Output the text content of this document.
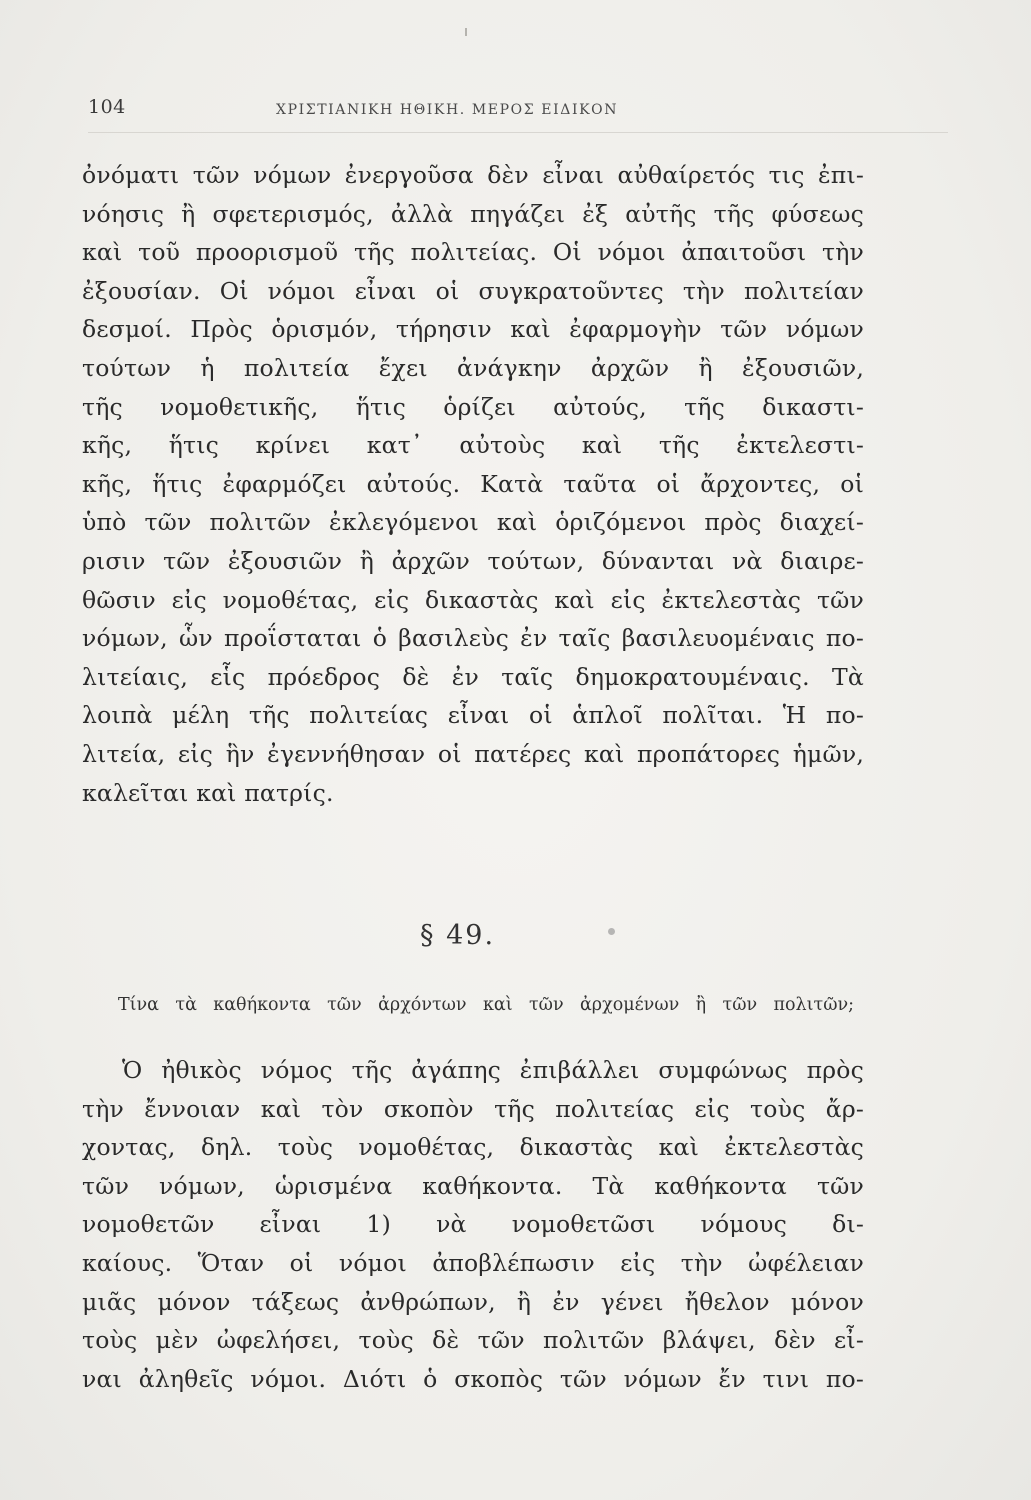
104	ΧΡΙΣΤΙΑΝΙΚΗ ΗΘΙΚΗ. ΜΕΡΟΣ ΕΙΔΙΚΟΝ
ὀνόματι τῶν νόμων ἐνεργοῦσα δὲν εἶναι αὐθαίρετός τις ἐπι-
νόησις ἢ σφετερισμός, ἀλλὰ πηγάζει ἐξ αὐτῆς τῆς φύσεως
καὶ τοῦ προορισμοῦ τῆς πολιτείας. Οἱ νόμοι ἀπαιτοῦσι τὴν
ἐξουσίαν. Οἱ νόμοι εἶναι οἱ συγκρατοῦντες τὴν πολιτείαν
δεσμοί. Πρὸς ὁρισμόν, τήρησιν καὶ ἐφαρμογὴν τῶν νόμων
τούτων ἡ πολιτεία ἔχει ἀνάγκην ἀρχῶν ἢ ἐξουσιῶν,
τῆς νομοθετικῆς, ἥτις ὁρίζει αὐτούς, τῆς δικαστι-
κῆς, ἥτις κρίνει κατ᾽ αὐτοὺς καὶ τῆς ἐκτελεστι-
κῆς, ἥτις ἐφαρμόζει αὐτούς. Κατὰ ταῦτα οἱ ἄρχοντες, οἱ
ὑπὸ τῶν πολιτῶν ἐκλεγόμενοι καὶ ὁριζόμενοι πρὸς διαχεί-
ρισιν τῶν ἐξουσιῶν ἢ ἀρχῶν τούτων, δύνανται νὰ διαιρε-
θῶσιν εἰς νομοθέτας, εἰς δικαστὰς καὶ εἰς ἐκτελεστὰς τῶν
νόμων, ὧν προΐσταται ὁ βασιλεὺς ἐν ταῖς βασιλευομέναις πο-
λιτείαις, εἷς πρόεδρος δὲ ἐν ταῖς δημοκρατουμέναις. Τὰ
λοιπὰ μέλη τῆς πολιτείας εἶναι οἱ ἁπλοῖ πολῖται. Ἡ πο-
λιτεία, εἰς ἣν ἐγεννήθησαν οἱ πατέρες καὶ προπάτορες ἡμῶν,
καλεῖται καὶ πατρίς.
§ 49.
Τίνα τὰ καθήκοντα τῶν ἀρχόντων καὶ τῶν ἀρχομένων ἢ τῶν πολιτῶν;
Ὁ ἠθικὸς νόμος τῆς ἀγάπης ἐπιβάλλει συμφώνως πρὸς
τὴν ἔννοιαν καὶ τὸν σκοπὸν τῆς πολιτείας εἰς τοὺς ἄρ-
χοντας, δηλ. τοὺς νομοθέτας, δικαστὰς καὶ ἐκτελεστὰς
τῶν νόμων, ὡρισμένα καθήκοντα. Τὰ καθήκοντα τῶν
νομοθετῶν εἶναι 1) νὰ νομοθετῶσι νόμους δι-
καίους. Ὅταν οἱ νόμοι ἀποβλέπωσιν εἰς τὴν ὠφέλειαν
μιᾶς μόνον τάξεως ἀνθρώπων, ἢ ἐν γένει ἤθελον μόνον
τοὺς μὲν ὠφελήσει, τοὺς δὲ τῶν πολιτῶν βλάψει, δὲν εἶ-
ναι ἀληθεῖς νόμοι. Διότι ὁ σκοπὸς τῶν νόμων ἔν τινι πο-
